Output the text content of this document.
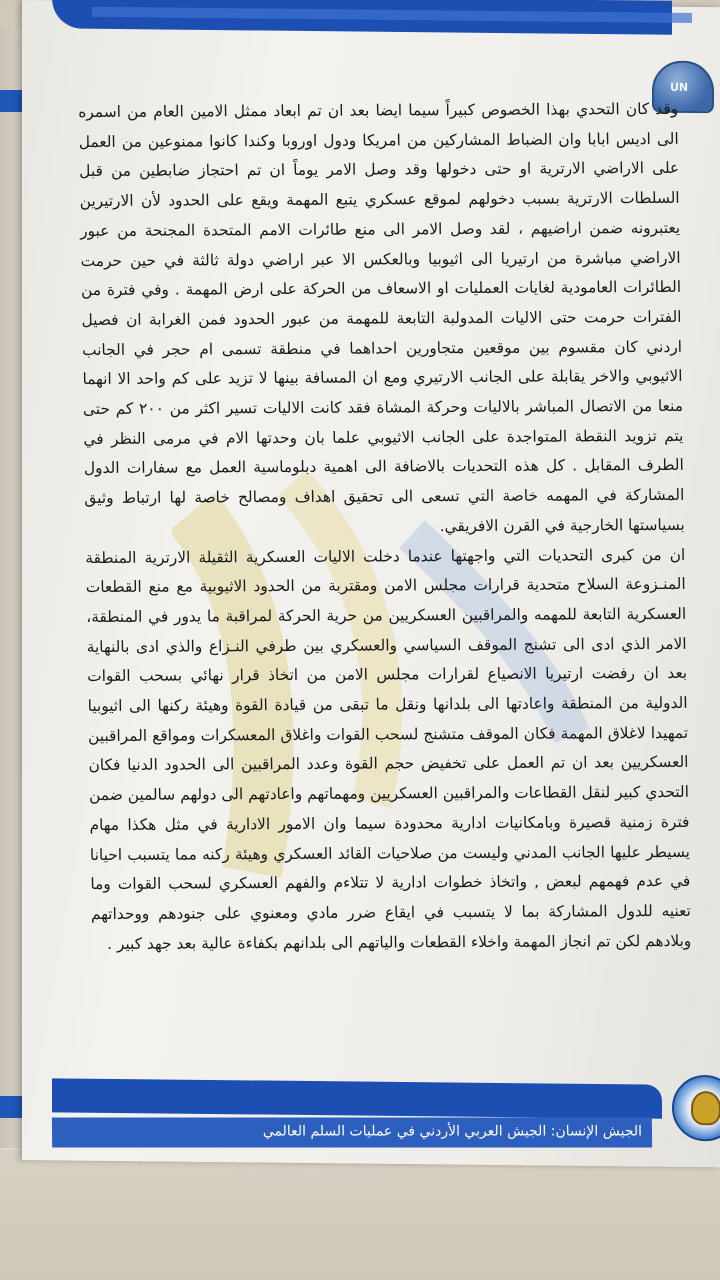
UN

وقد كان التحدي بهذا الخصوص كبيراً سيما ايضا بعد ان تم ابعاد ممثل الامين العام من اسمره الى اديس ابابا وان الضباط المشاركين من امريكا ودول اوروبا وكندا كانوا ممنوعين من العمل على الاراضي الارترية او حتى دخولها وقد وصل الامر يوماً ان تم احتجاز ضابطين من قبل السلطات الارترية بسبب دخولهم لموقع عسكري يتبع المهمة ويقع على الحدود لأن الارتيرين يعتبرونه ضمن اراضيهم ، لقد وصل الامر الى منع طائرات الامم المتحدة المجنحة من عبور الاراضي مباشرة من ارتيريا الى اثيوبيا وبالعكس الا عبر اراضي دولة ثالثة في حين حرمت الطائرات العامودية لغايات العمليات او الاسعاف من الحركة على ارض المهمة . وفي فترة من الفترات حرمت حتى الاليات المدولبة التابعة للمهمة من عبور الحدود فمن الغرابة ان فصيل اردني كان مقسوم بين موقعين متجاورين احداهما في منطقة تسمى ام حجر في الجانب الاثيوبي والاخر يقابلة على الجانب الارتيري ومع ان المسافة بينها لا تزيد على كم واحد الا انهما منعا من الاتصال المباشر بالاليات وحركة المشاة فقد كانت الاليات تسير اكثر من ٢٠٠ كم حتى يتم تزويد النقطة المتواجدة على الجانب الاثيوبي علما بان وحدتها الام في مرمى النظر في الطرف المقابل . كل هذه التحديات بالاضافة الى اهمية دبلوماسية العمل مع سفارات الدول المشاركة في المهمه خاصة التي تسعى الى تحقيق اهداف ومصالح خاصة لها ارتباط وثيق بسياستها الخارجية في القرن الافريقي.

ان من كبرى التحديات التي واجهتها عندما دخلت الاليات العسكرية الثقيلة الارترية المنطقة المنـزوعة السلاح متحدية قرارات مجلس الامن ومقتربة من الحدود الاثيوبية مع منع القطعات العسكرية التابعة للمهمه والمراقبين العسكريين من حرية الحركة لمراقبة ما يدور في المنطقة، الامر الذي ادى الى تشنج الموقف السياسي والعسكري بين طرفي النـزاع والذي ادى بالنهاية بعد ان رفضت ارتيريا الانصياع لقرارات مجلس الامن من اتخاذ قرار نهائي بسحب القوات الدولية من المنطقة واعادتها الى بلدانها ونقل ما تبقى من قيادة القوة وهيئة ركنها الى اثيوبيا تمهيدا لاغلاق المهمة فكان الموقف متشنج لسحب القوات واغلاق المعسكرات ومواقع المراقبين العسكريين بعد ان تم العمل على تخفيض حجم القوة وعدد المراقبين الى الحدود الدنيا فكان التحدي كبير لنقل القطاعات والمراقبين العسكريين ومهماتهم واعادتهم الى دولهم سالمين ضمن فترة زمنية قصيرة وبامكانيات ادارية محدودة سيما وان الامور الادارية في مثل هكذا مهام يسيطر عليها الجانب المدني وليست من صلاحيات القائد العسكري وهيئة ركنه مما يتسبب احيانا في عدم فهمهم لبعض , واتخاذ خطوات ادارية لا تتلاءم والفهم العسكري لسحب القوات وما تعنيه للدول المشاركة بما لا يتسبب في ايقاع ضرر مادي ومعنوي على جنودهم ووحداتهم وبلادهم لكن تم انجاز المهمة واخلاء القطعات والياتهم الى بلدانهم بكفاءة عالية بعد جهد كبير .

الجيش الإنسان: الجيش العربي الأردني في عمليات السلم العالمي
